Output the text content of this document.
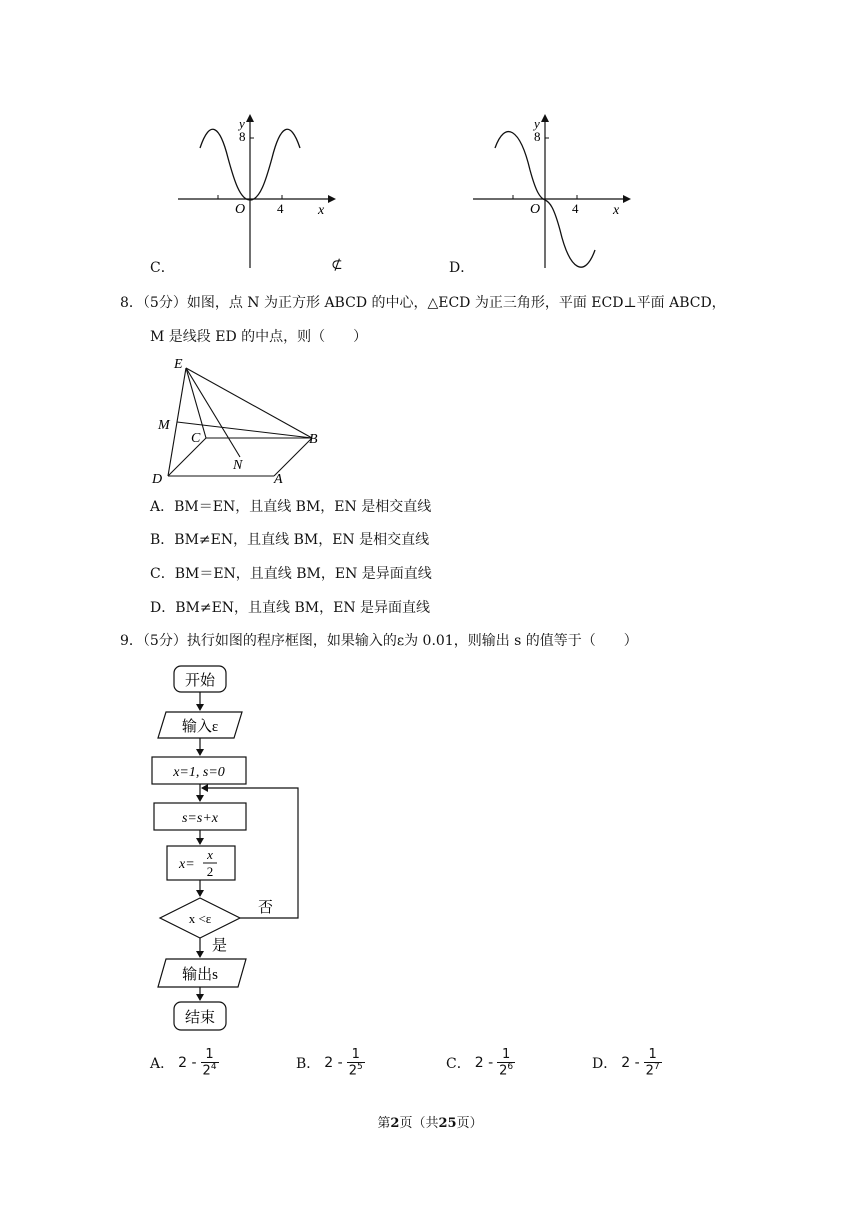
y
8
O 4 x
C．	⊄
y
8
O 4 x
D．
8．（5分）如图，点 N 为正方形 ABCD 的中心，△ECD 为正三角形，平面 ECD⊥平面 ABCD，
M 是线段 ED 的中点，则（　　）
E
M
C	B
N
D	A
A．BM＝EN，且直线 BM，EN 是相交直线
B．BM≠EN，且直线 BM，EN 是相交直线
C．BM＝EN，且直线 BM，EN 是异面直线
D．BM≠EN，且直线 BM，EN 是异面直线
9．（5分）执行如图的程序框图，如果输入的ε为 0.01，则输出 s 的值等于（　　）
开始
输入ε
x=1, s=0
s=s+x
x=
x
2
x <ε
否
是
输出s
结束
A． $2 - \frac{1}{2^4}$	B． $2 - \frac{1}{2^5}$	C． $2 - \frac{1}{2^6}$	D． $2 - \frac{1}{2^7}$
第2页（共25页）
